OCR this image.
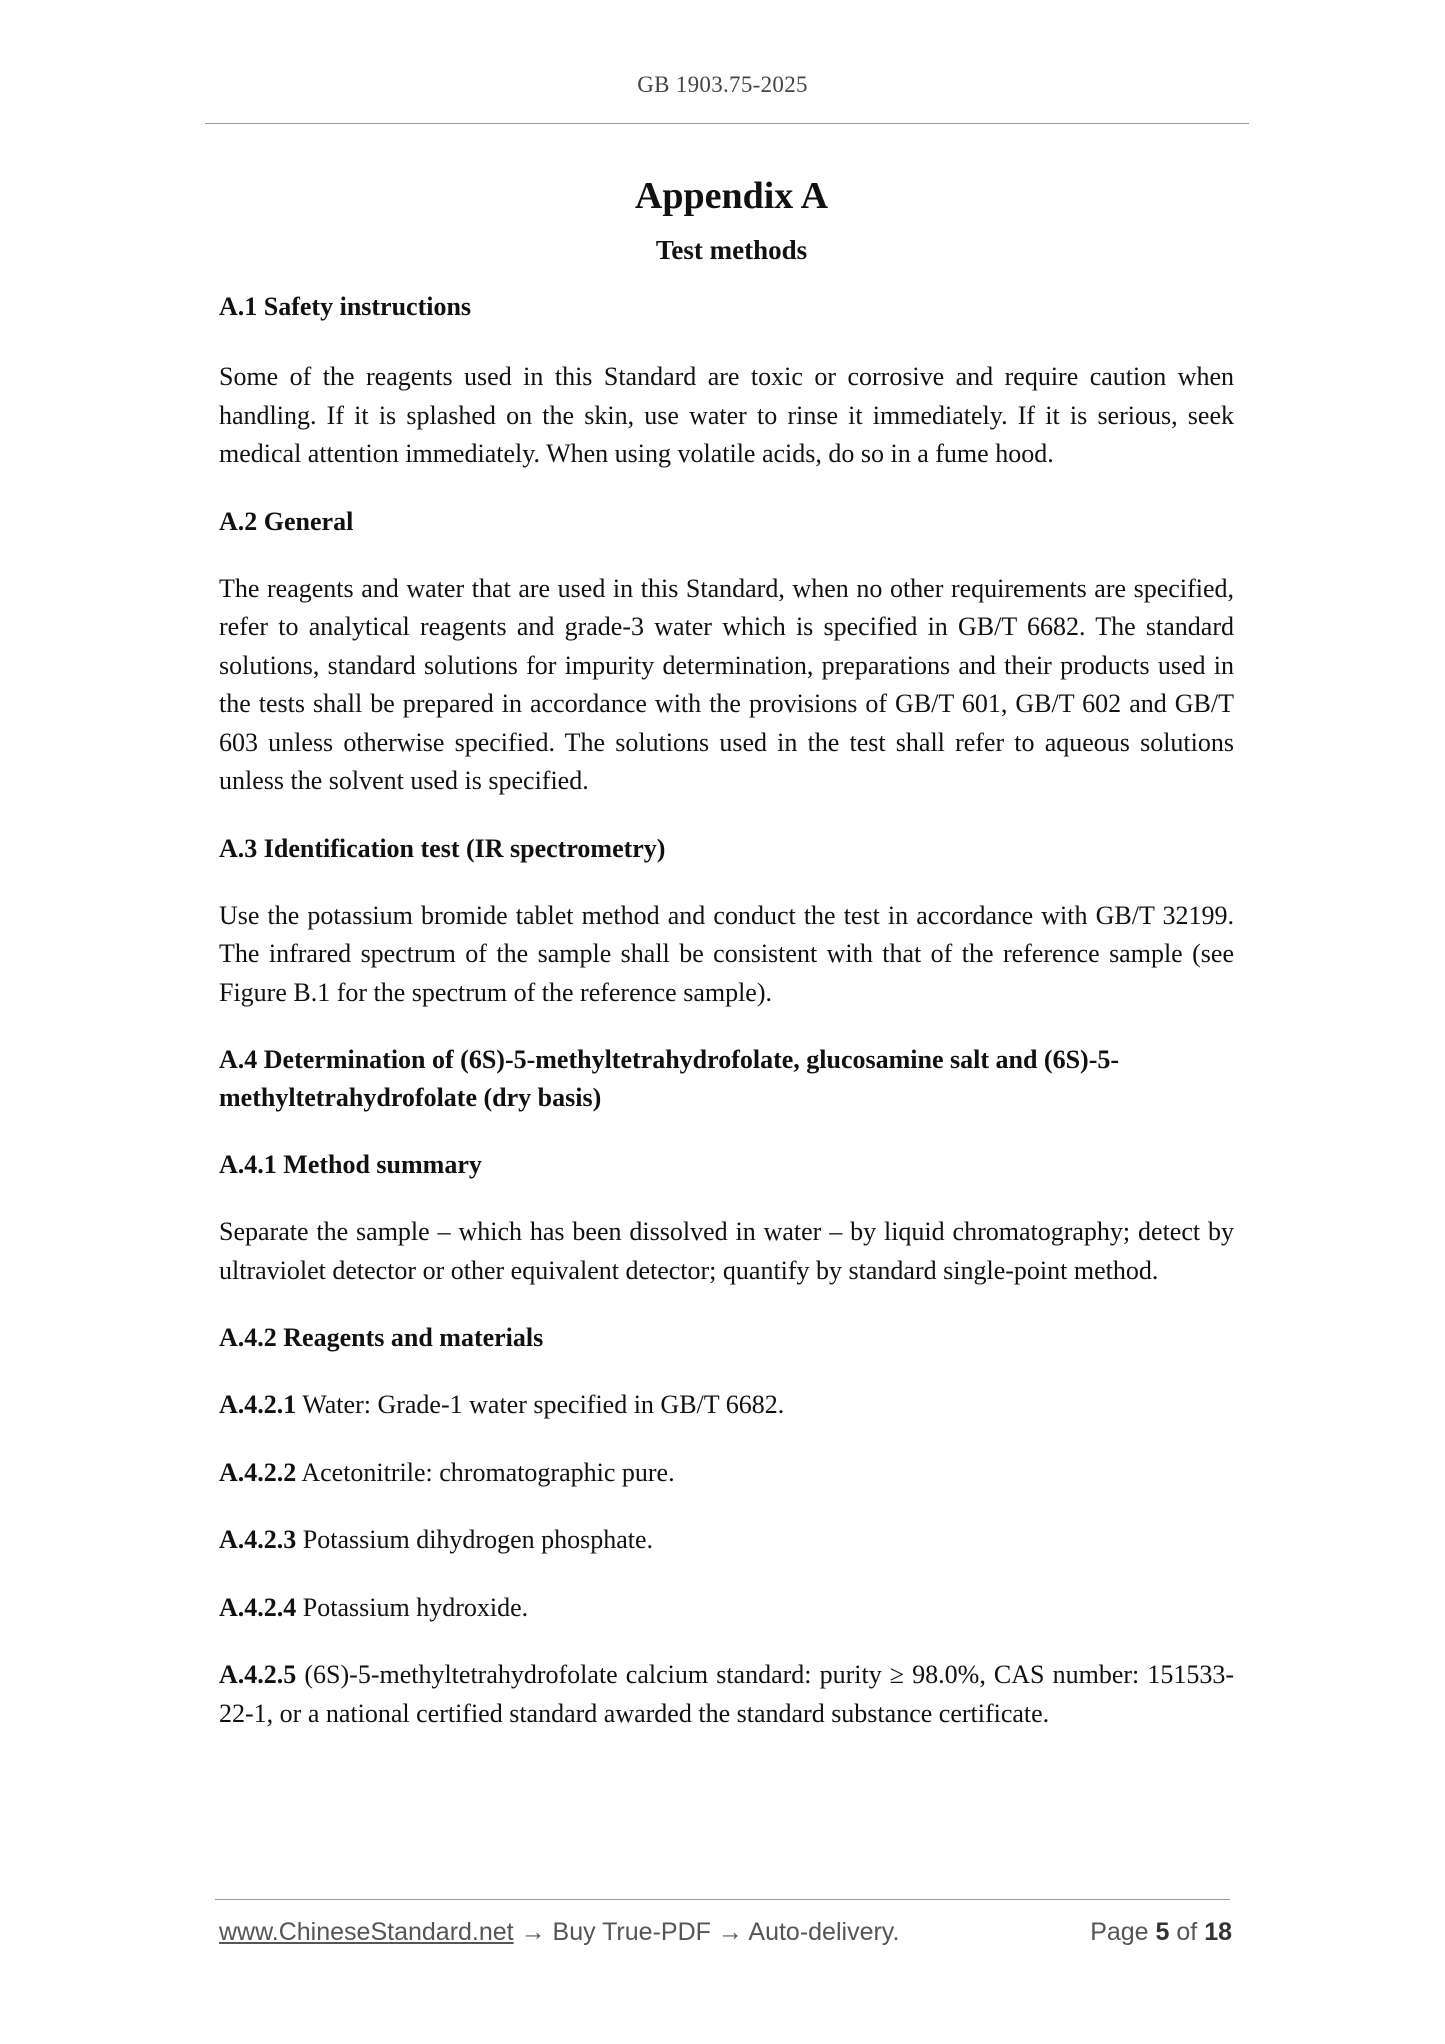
GB 1903.75-2025
Appendix A
Test methods
A.1 Safety instructions

Some of the reagents used in this Standard are toxic or corrosive and require caution when handling. If it is splashed on the skin, use water to rinse it immediately. If it is serious, seek medical attention immediately. When using volatile acids, do so in a fume hood.

A.2 General

The reagents and water that are used in this Standard, when no other requirements are specified, refer to analytical reagents and grade-3 water which is specified in GB/T 6682. The standard solutions, standard solutions for impurity determination, preparations and their products used in the tests shall be prepared in accordance with the provisions of GB/T 601, GB/T 602 and GB/T 603 unless otherwise specified. The solutions used in the test shall refer to aqueous solutions unless the solvent used is specified.

A.3 Identification test (IR spectrometry)

Use the potassium bromide tablet method and conduct the test in accordance with GB/T 32199. The infrared spectrum of the sample shall be consistent with that of the reference sample (see Figure B.1 for the spectrum of the reference sample).

A.4 Determination of (6S)-5-methyltetrahydrofolate, glucosamine salt and (6S)-5-methyltetrahydrofolate (dry basis)
A.4.1 Method summary

Separate the sample – which has been dissolved in water – by liquid chromatography; detect by ultraviolet detector or other equivalent detector; quantify by standard single-point method.

A.4.2 Reagents and materials

A.4.2.1 Water: Grade-1 water specified in GB/T 6682.

A.4.2.2 Acetonitrile: chromatographic pure.

A.4.2.3 Potassium dihydrogen phosphate.

A.4.2.4 Potassium hydroxide.

A.4.2.5 (6S)-5-methyltetrahydrofolate calcium standard: purity ≥ 98.0%, CAS number: 151533-22-1, or a national certified standard awarded the standard substance certificate.

www.ChineseStandard.net → Buy True-PDF → Auto-delivery.	Page 5 of 18
